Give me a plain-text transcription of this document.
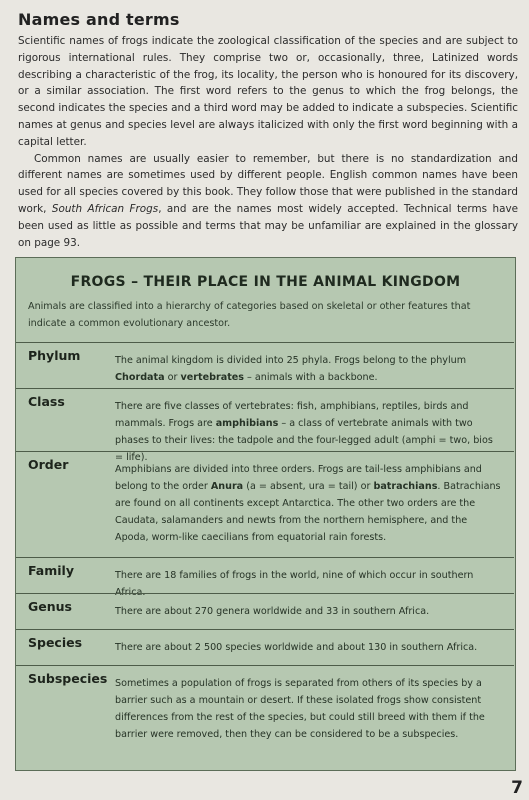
Names and terms

Scientific names of frogs indicate the zoological classification of the species and are subject to rigorous international rules. They comprise two or, occasionally, three, Latinized words describing a characteristic of the frog, its locality, the person who is honoured for its discovery, or a similar association. The first word refers to the genus to which the frog belongs, the second indicates the species and a third word may be added to indicate a subspecies. Scientific names at genus and species level are always italicized with only the first word beginning with a capital letter.

Common names are usually easier to remember, but there is no standardization and different names are sometimes used by different people. English common names have been used for all species covered by this book. They follow those that were published in the standard work, South African Frogs, and are the names most widely accepted. Technical terms have been used as little as possible and terms that may be unfamiliar are explained in the glossary on page 93.

FROGS – THEIR PLACE IN THE ANIMAL KINGDOM
Animals are classified into a hierarchy of categories based on skeletal or other features that indicate a common evolutionary ancestor.
Phylum	The animal kingdom is divided into 25 phyla. Frogs belong to the phylum Chordata or vertebrates – animals with a backbone.
Class	There are five classes of vertebrates: fish, amphibians, reptiles, birds and mammals. Frogs are amphibians – a class of vertebrate animals with two phases to their lives: the tadpole and the four-legged adult (amphi = two, bios = life).
Order	Amphibians are divided into three orders. Frogs are tail-less amphibians and belong to the order Anura (a = absent, ura = tail) or batrachians. Batrachians are found on all continents except Antarctica. The other two orders are the Caudata, salamanders and newts from the northern hemisphere, and the Apoda, worm-like caecilians from equatorial rain forests.
Family	There are 18 families of frogs in the world, nine of which occur in southern Africa.
Genus	There are about 270 genera worldwide and 33 in southern Africa.
Species	There are about 2 500 species worldwide and about 130 in southern Africa.
Subspecies Sometimes a population of frogs is separated from others of its species by a barrier such as a mountain or desert. If these isolated frogs show consistent differences from the rest of the species, but could still breed with them if the barrier were removed, then they can be considered to be a subspecies.
7
